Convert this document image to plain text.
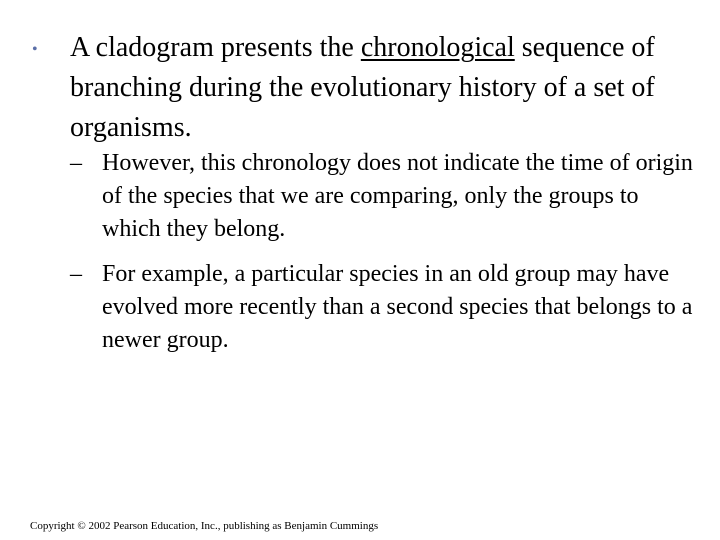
•	A cladogram presents the chronological sequence of branching during the evolutionary history of a set of organisms.
– However, this chronology does not indicate the time of origin of the species that we are comparing, only the groups to which they belong.
– For example, a particular species in an old group may have evolved more recently than a second species that belongs to a newer group.
Copyright © 2002 Pearson Education, Inc., publishing as Benjamin Cummings
